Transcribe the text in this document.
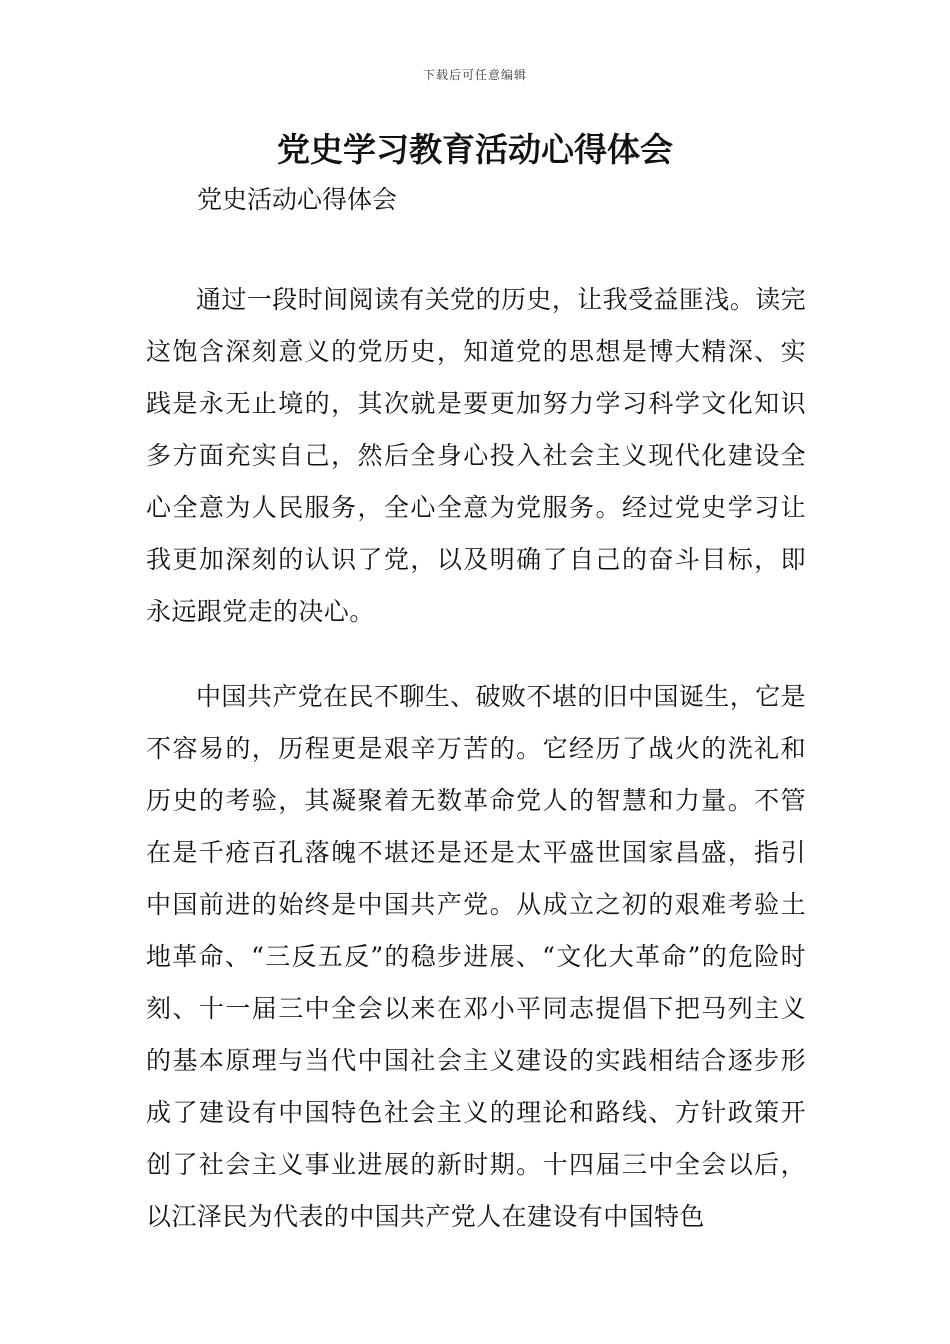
下载后可任意编辑
党史学习教育活动心得体会

党史活动心得体会

通过一段时间阅读有关党的历史，让我受益匪浅。读完这饱含深刻意义的党历史，知道党的思想是博大精深、实践是永无止境的，其次就是要更加努力学习科学文化知识多方面充实自己，然后全身心投入社会主义现代化建设全心全意为人民服务，全心全意为党服务。经过党史学习让我更加深刻的认识了党，以及明确了自己的奋斗目标，即永远跟党走的决心。

中国共产党在民不聊生、破败不堪的旧中国诞生，它是不容易的，历程更是艰辛万苦的。它经历了战火的洗礼和历史的考验，其凝聚着无数革命党人的智慧和力量。不管在是千疮百孔落魄不堪还是还是太平盛世国家昌盛，指引中国前进的始终是中国共产党。从成立之初的艰难考验土地革命、“三反五反”的稳步进展、“文化大革命”的危险时刻、十一届三中全会以来在邓小平同志提倡下把马列主义的基本原理与当代中国社会主义建设的实践相结合逐步形成了建设有中国特色社会主义的理论和路线、方针政策开创了社会主义事业进展的新时期。十四届三中全会以后，以江泽民为代表的中国共产党人在建设有中国特色
